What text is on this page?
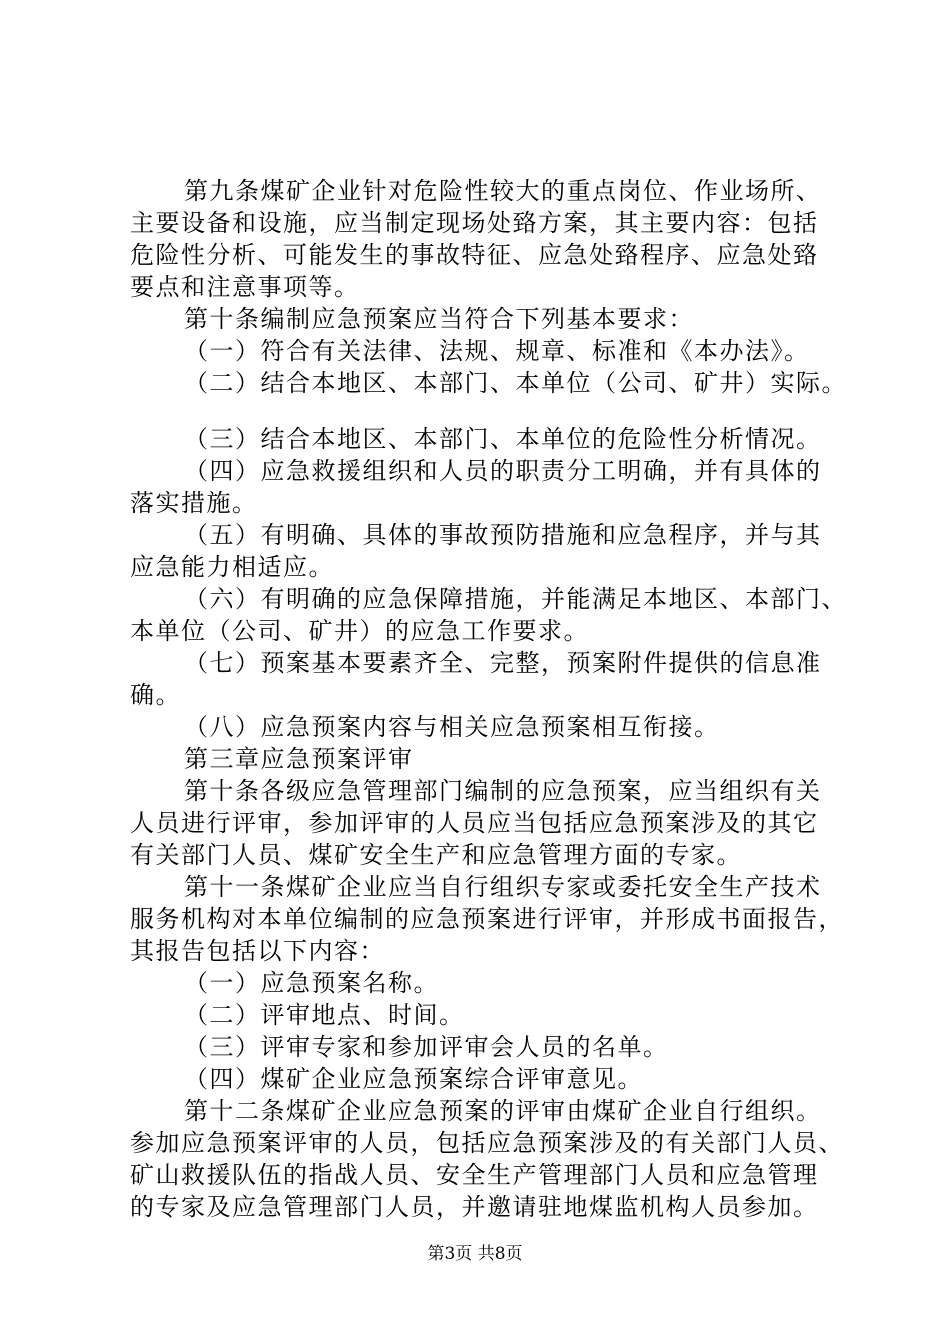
第九条煤矿企业针对危险性较大的重点岗位、作业场所、
主要设备和设施，应当制定现场处臵方案，其主要内容：包括
危险性分析、可能发生的事故特征、应急处臵程序、应急处臵
要点和注意事项等。
第十条编制应急预案应当符合下列基本要求：
（一）符合有关法律、法规、规章、标准和《本办法》。
（二）结合本地区、本部门、本单位（公司、矿井）实际。
（三）结合本地区、本部门、本单位的危险性分析情况。
（四）应急救援组织和人员的职责分工明确，并有具体的
落实措施。
（五）有明确、具体的事故预防措施和应急程序，并与其
应急能力相适应。
（六）有明确的应急保障措施，并能满足本地区、本部门、
本单位（公司、矿井）的应急工作要求。
（七）预案基本要素齐全、完整，预案附件提供的信息准
确。
（八）应急预案内容与相关应急预案相互衔接。
第三章应急预案评审
第十条各级应急管理部门编制的应急预案，应当组织有关
人员进行评审，参加评审的人员应当包括应急预案涉及的其它
有关部门人员、煤矿安全生产和应急管理方面的专家。
第十一条煤矿企业应当自行组织专家或委托安全生产技术
服务机构对本单位编制的应急预案进行评审，并形成书面报告，
其报告包括以下内容：
（一）应急预案名称。
（二）评审地点、时间。
（三）评审专家和参加评审会人员的名单。
（四）煤矿企业应急预案综合评审意见。
第十二条煤矿企业应急预案的评审由煤矿企业自行组织。
参加应急预案评审的人员，包括应急预案涉及的有关部门人员、
矿山救援队伍的指战人员、安全生产管理部门人员和应急管理
的专家及应急管理部门人员，并邀请驻地煤监机构人员参加。
第3页 共8页
